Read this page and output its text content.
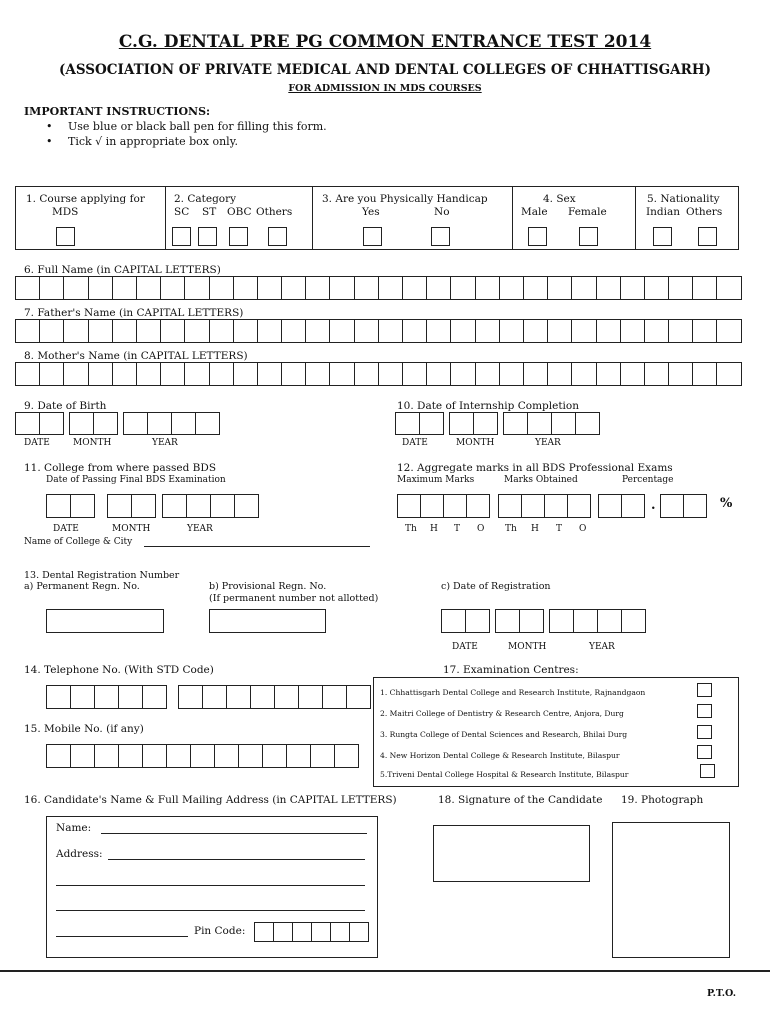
C.G. DENTAL PRE PG COMMON ENTRANCE TEST 2014
(ASSOCIATION OF PRIVATE MEDICAL AND DENTAL COLLEGES OF CHHATTISGARH)
FOR ADMISSION IN MDS COURSES
IMPORTANT INSTRUCTIONS:
• Use blue or black ball pen for filling this form.
• Tick √ in appropriate box only.
1. Course applying for
MDS
2. Category
SC ST OBC Others
3. Are you Physically Handicap
Yes	No
4. Sex
Male Female
5. Nationality
Indian Others
6. Full Name (in CAPITAL LETTERS)
7. Father's Name (in CAPITAL LETTERS)
8. Mother's Name (in CAPITAL LETTERS)
9. Date of Birth
DATE	MONTH	YEAR
10. Date of Internship Completion
DATE	MONTH	YEAR
11. College from where passed BDS
Date of Passing Final BDS Examination
DATE	MONTH	YEAR
Name of College & City
12. Aggregate marks in all BDS Professional Exams
Maximum Marks	Marks Obtained	Percentage
.	%
Th H T O Th H T O
13. Dental Registration Number
a) Permanent Regn. No.	b) Provisional Regn. No.
(If permanent number not allotted)
c) Date of Registration
DATE	MONTH	YEAR
14. Telephone No. (With STD Code)
15. Mobile No. (if any)
17. Examination Centres:
1. Chhattisgarh Dental College and Research Institute, Rajnandgaon
2. Maitri College of Dentistry & Research Centre, Anjora, Durg
3. Rungta College of Dental Sciences and Research, Bhilai Durg
4. New Horizon Dental College & Research Institute, Bilaspur
5.Triveni Dental College Hospital & Research Institute, Bilaspur
16. Candidate's Name & Full Mailing Address (in CAPITAL LETTERS)
Name:
Address:
Pin Code:
18. Signature of the Candidate 19. Photograph
P.T.O.
